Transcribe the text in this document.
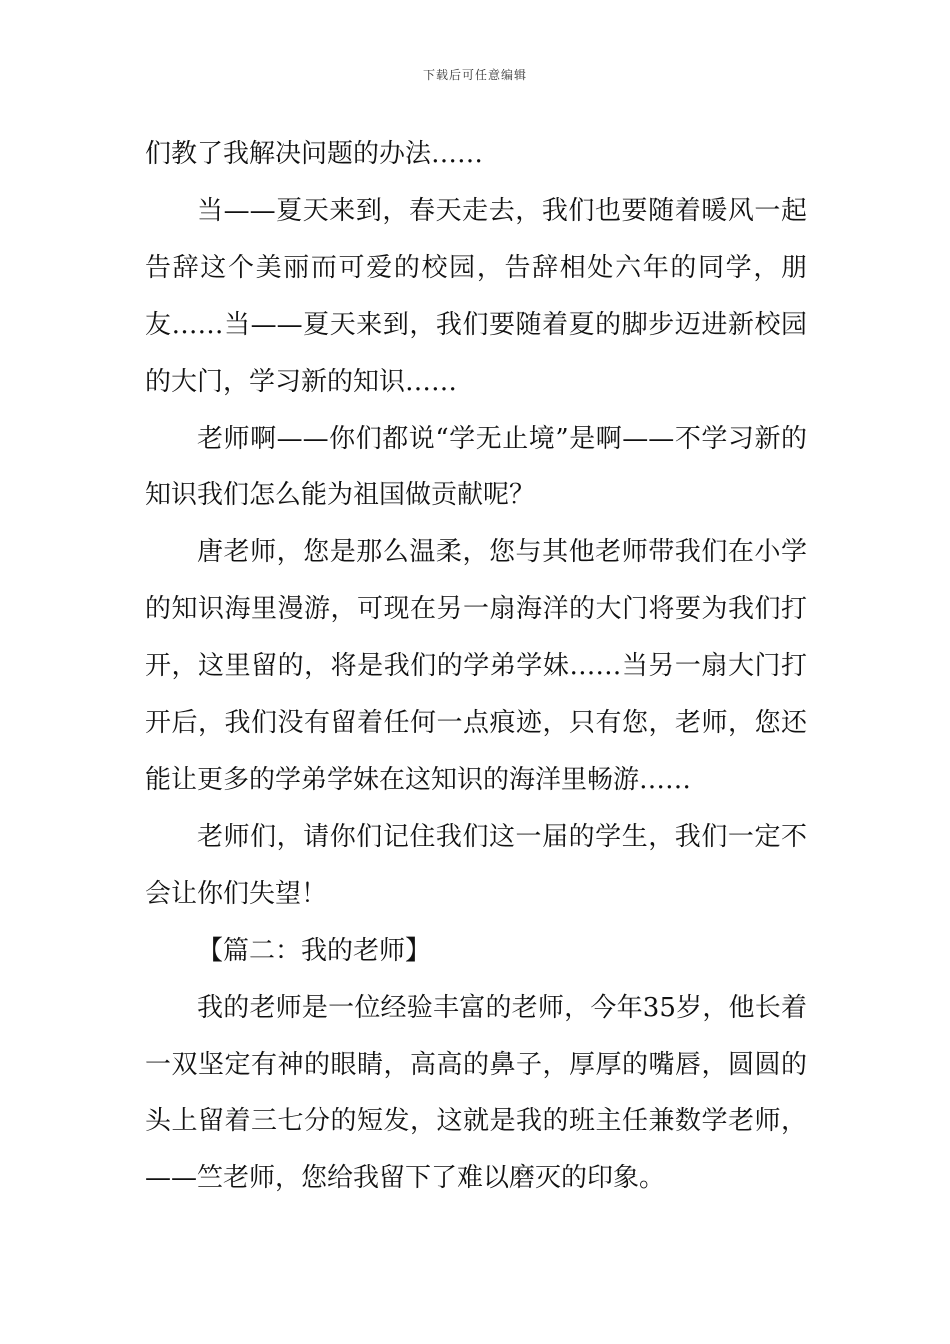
下载后可任意编辑

们教了我解决问题的办法……

当——夏天来到，春天走去，我们也要随着暖风一起告辞这个美丽而可爱的校园，告辞相处六年的同学，朋友……当——夏天来到，我们要随着夏的脚步迈进新校园的大门，学习新的知识……

老师啊——你们都说“学无止境”是啊——不学习新的知识我们怎么能为祖国做贡献呢？

唐老师，您是那么温柔，您与其他老师带我们在小学的知识海里漫游，可现在另一扇海洋的大门将要为我们打开，这里留的，将是我们的学弟学妹……当另一扇大门打开后，我们没有留着任何一点痕迹，只有您，老师，您还能让更多的学弟学妹在这知识的海洋里畅游……

老师们，请你们记住我们这一届的学生，我们一定不会让你们失望！

【篇二：我的老师】

我的老师是一位经验丰富的老师，今年35岁，他长着一双坚定有神的眼睛，高高的鼻子，厚厚的嘴唇，圆圆的头上留着三七分的短发，这就是我的班主任兼数学老师，——竺老师，您给我留下了难以磨灭的印象。
